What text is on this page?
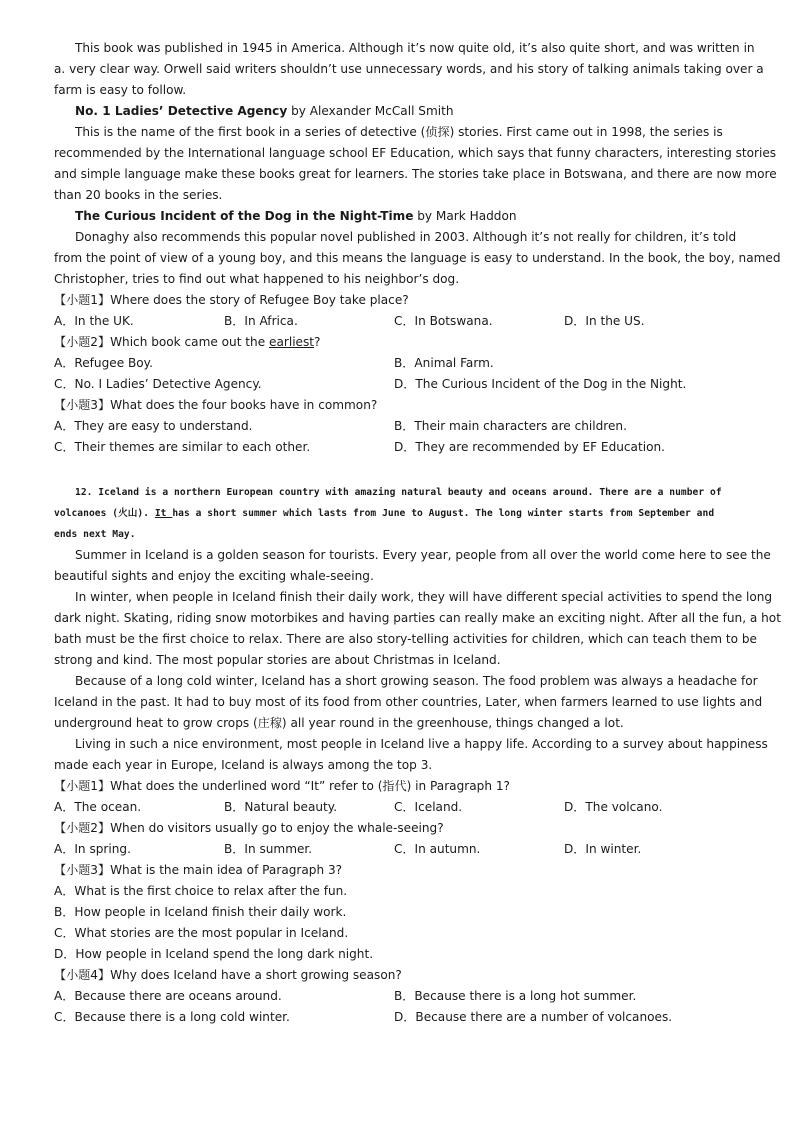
This book was published in 1945 in America. Although it’s now quite old, it’s also quite short, and was written in
a. very clear way. Orwell said writers shouldn’t use unnecessary words, and his story of talking animals taking over a
farm is easy to follow.
No. 1 Ladies’ Detective Agency by Alexander McCall Smith
This is the name of the first book in a series of detective (侦探) stories. First came out in 1998, the series is
recommended by the International language school EF Education, which says that funny characters, interesting stories
and simple language make these books great for learners. The stories take place in Botswana, and there are now more
than 20 books in the series.
The Curious Incident of the Dog in the Night-Time by Mark Haddon
Donaghy also recommends this popular novel published in 2003. Although it’s not really for children, it’s told
from the point of view of a young boy, and this means the language is easy to understand. In the book, the boy, named
Christopher, tries to find out what happened to his neighbor’s dog.
【小题1】Where does the story of Refugee Boy take place?
A．In the UK.	B．In Africa.	C．In Botswana.	D．In the US.
【小题2】Which book came out the earliest?
A．Refugee Boy.	B．Animal Farm.
C．No. I Ladies’ Detective Agency.	D．The Curious Incident of the Dog in the Night.
【小题3】What does the four books have in common?
A．They are easy to understand.	B．Their main characters are children.
C．Their themes are similar to each other.	D．They are recommended by EF Education.
12. Iceland is a northern European country with amazing natural beauty and oceans around. There are a number of
volcanoes (火山). It has a short summer which lasts from June to August. The long winter starts from September and
ends next May.
Summer in Iceland is a golden season for tourists. Every year, people from all over the world come here to see the
beautiful sights and enjoy the exciting whale-seeing.
In winter, when people in Iceland finish their daily work, they will have different special activities to spend the long
dark night. Skating, riding snow motorbikes and having parties can really make an exciting night. After all the fun, a hot
bath must be the first choice to relax. There are also story-telling activities for children, which can teach them to be
strong and kind. The most popular stories are about Christmas in Iceland.
Because of a long cold winter, Iceland has a short growing season. The food problem was always a headache for
Iceland in the past. It had to buy most of its food from other countries, Later, when farmers learned to use lights and
underground heat to grow crops (庄稼) all year round in the greenhouse, things changed a lot.
Living in such a nice environment, most people in Iceland live a happy life. According to a survey about happiness
made each year in Europe, Iceland is always among the top 3.
【小题1】What does the underlined word “It” refer to (指代) in Paragraph 1?
A．The ocean.	B．Natural beauty.	C．Iceland.	D．The volcano.
【小题2】When do visitors usually go to enjoy the whale-seeing?
A．In spring.	B．In summer.	C．In autumn.	D．In winter.
【小题3】What is the main idea of Paragraph 3?
A．What is the first choice to relax after the fun.
B．How people in Iceland finish their daily work.
C．What stories are the most popular in Iceland.
D．How people in Iceland spend the long dark night.
【小题4】Why does Iceland have a short growing season?
A．Because there are oceans around.	B．Because there is a long hot summer.
C．Because there is a long cold winter.	D．Because there are a number of volcanoes.
